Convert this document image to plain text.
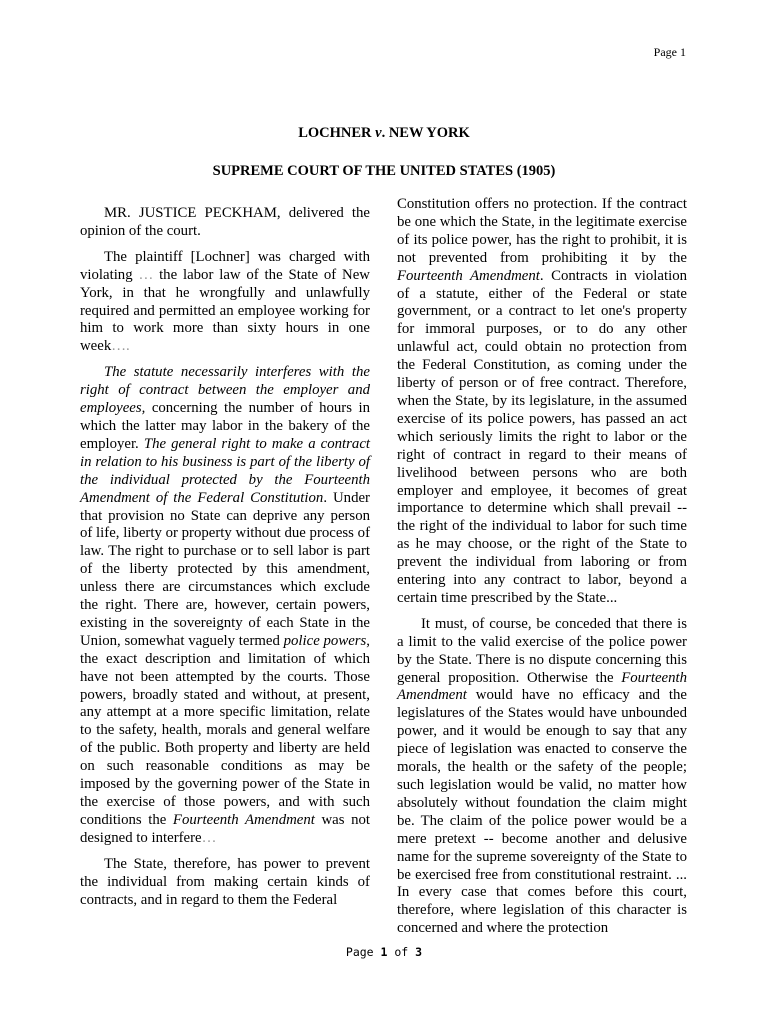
Page 1
LOCHNER v. NEW YORK
SUPREME COURT OF THE UNITED STATES (1905)

MR. JUSTICE PECKHAM, delivered the opinion of the court.

The plaintiff [Lochner] was charged with violating … the labor law of the State of New York, in that he wrongfully and unlawfully required and permitted an employee working for him to work more than sixty hours in one week….

The statute necessarily interferes with the right of contract between the employer and employees, concerning the number of hours in which the latter may labor in the bakery of the employer. The general right to make a contract in relation to his business is part of the liberty of the individual protected by the Fourteenth Amendment of the Federal Constitution. Under that provision no State can deprive any person of life, liberty or property without due process of law. The right to purchase or to sell labor is part of the liberty protected by this amendment, unless there are circumstances which exclude the right. There are, however, certain powers, existing in the sovereignty of each State in the Union, somewhat vaguely termed police powers, the exact description and limitation of which have not been attempted by the courts. Those powers, broadly stated and without, at present, any attempt at a more specific limitation, relate to the safety, health, morals and general welfare of the public. Both property and liberty are held on such reasonable conditions as may be imposed by the governing power of the State in the exercise of those powers, and with such conditions the Fourteenth Amendment was not designed to interfere…

The State, therefore, has power to prevent the individual from making certain kinds of contracts, and in regard to them the Federal

Constitution offers no protection. If the contract be one which the State, in the legitimate exercise of its police power, has the right to prohibit, it is not prevented from prohibiting it by the Fourteenth Amendment. Contracts in violation of a statute, either of the Federal or state government, or a contract to let one's property for immoral purposes, or to do any other unlawful act, could obtain no protection from the Federal Constitution, as coming under the liberty of person or of free contract. Therefore, when the State, by its legislature, in the assumed exercise of its police powers, has passed an act which seriously limits the right to labor or the right of contract in regard to their means of livelihood between persons who are both employer and employee, it becomes of great importance to determine which shall prevail -- the right of the individual to labor for such time as he may choose, or the right of the State to prevent the individual from laboring or from entering into any contract to labor, beyond a certain time prescribed by the State...

It must, of course, be conceded that there is a limit to the valid exercise of the police power by the State. There is no dispute concerning this general proposition. Otherwise the Fourteenth Amendment would have no efficacy and the legislatures of the States would have unbounded power, and it would be enough to say that any piece of legislation was enacted to conserve the morals, the health or the safety of the people; such legislation would be valid, no matter how absolutely without foundation the claim might be. The claim of the police power would be a mere pretext -- become another and delusive name for the supreme sovereignty of the State to be exercised free from constitutional restraint. ... In every case that comes before this court, therefore, where legislation of this character is concerned and where the protection

Page 1 of 3
